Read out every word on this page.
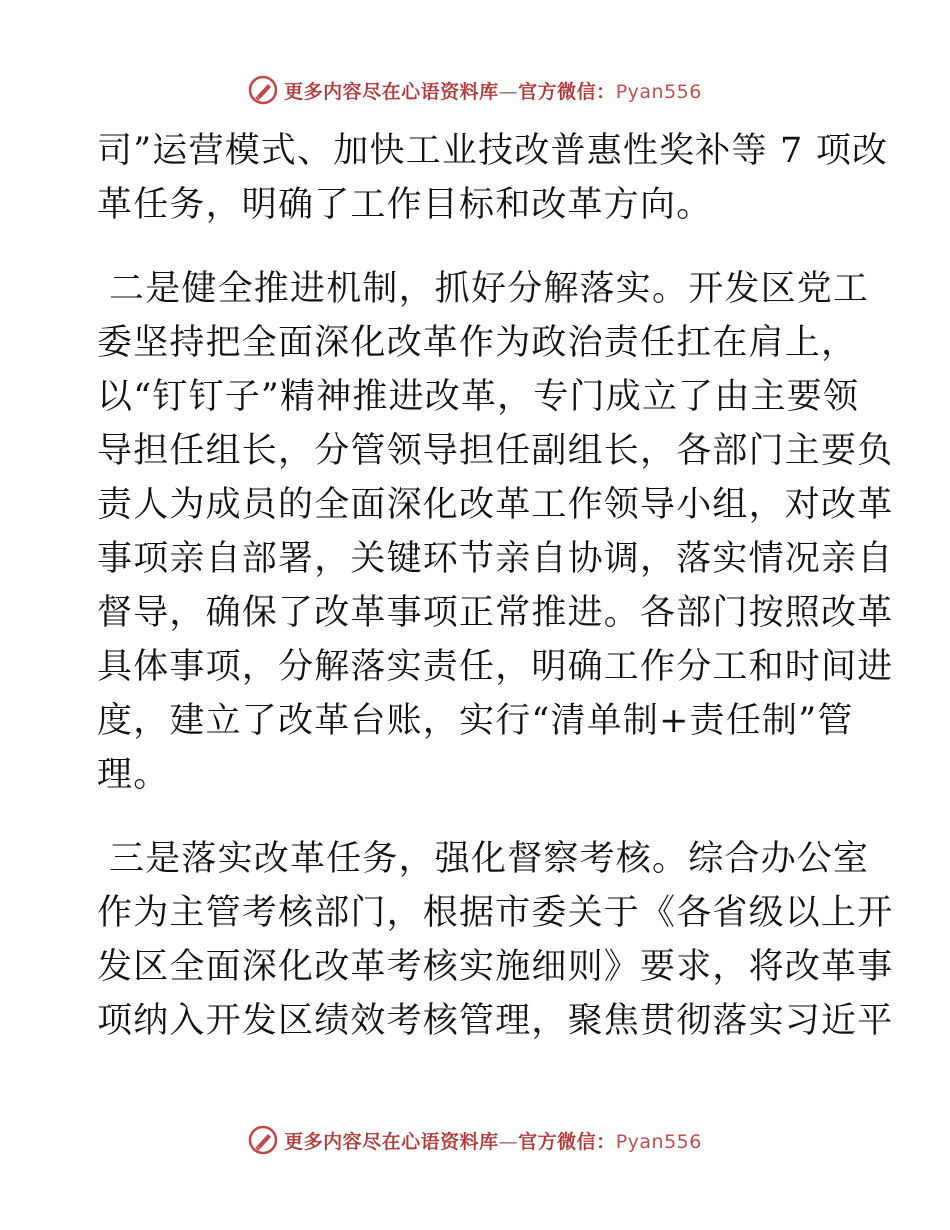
更多内容尽在心语资料库—官方微信：Pyan556
司”运营模式、加快工业技改普惠性奖补等 7 项改
革任务，明确了工作目标和改革方向。
二是健全推进机制，抓好分解落实。开发区党工
委坚持把全面深化改革作为政治责任扛在肩上，
以“钉钉子”精神推进改革，专门成立了由主要领
导担任组长，分管领导担任副组长，各部门主要负
责人为成员的全面深化改革工作领导小组，对改革
事项亲自部署，关键环节亲自协调，落实情况亲自
督导，确保了改革事项正常推进。各部门按照改革
具体事项，分解落实责任，明确工作分工和时间进
度，建立了改革台账，实行“清单制+责任制”管
理。
三是落实改革任务，强化督察考核。综合办公室
作为主管考核部门，根据市委关于《各省级以上开
发区全面深化改革考核实施细则》要求，将改革事
项纳入开发区绩效考核管理，聚焦贯彻落实习近平
更多内容尽在心语资料库—官方微信：Pyan556
